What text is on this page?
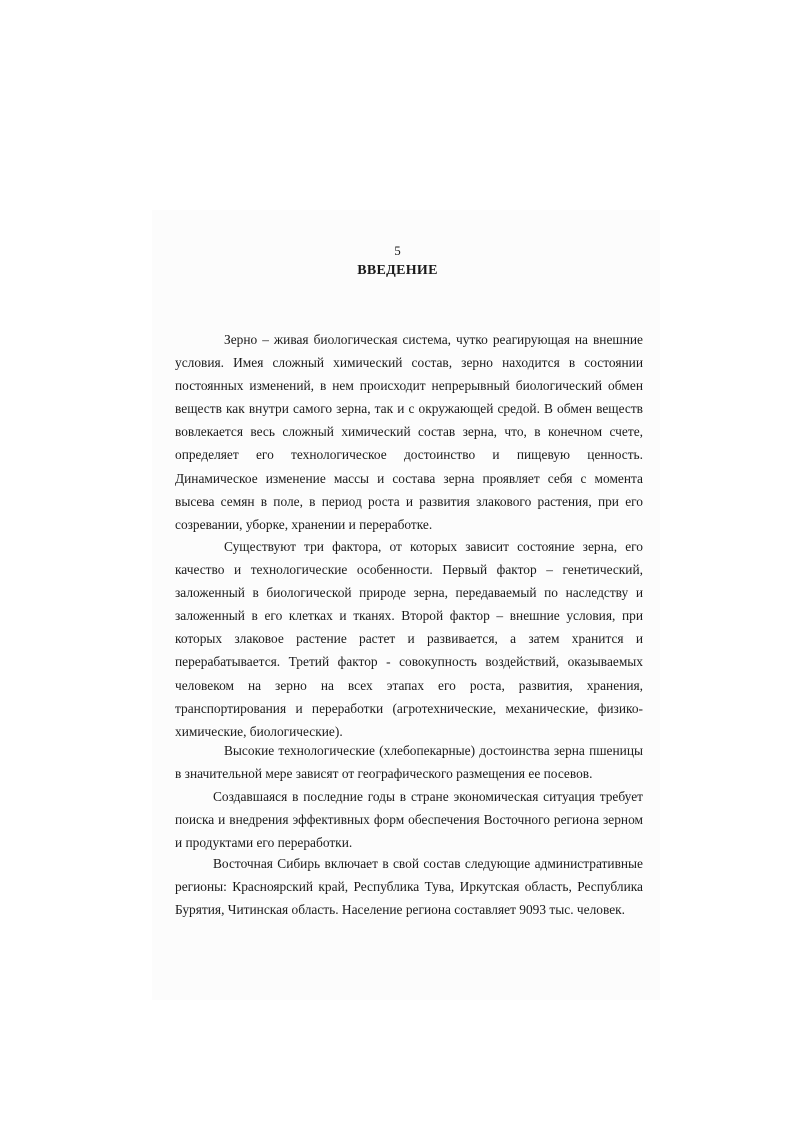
5
ВВЕДЕНИЕ

Зерно – живая биологическая система, чутко реагирующая на внешние условия. Имея сложный химический состав, зерно находится в состоянии постоянных изменений, в нем происходит непрерывный биологический обмен веществ как внутри самого зерна, так и с окружающей средой. В обмен веществ вовлекается весь сложный химический состав зерна, что, в конечном счете, определяет его технологическое достоинство и пищевую ценность. Динамическое изменение массы и состава зерна проявляет себя с момента высева семян в поле, в период роста и развития злакового растения, при его созревании, уборке, хранении и переработке.

Существуют три фактора, от которых зависит состояние зерна, его качество и технологические особенности. Первый фактор – генетический, заложенный в биологической природе зерна, передаваемый по наследству и заложенный в его клетках и тканях. Второй фактор – внешние условия, при которых злаковое растение растет и развивается, а затем хранится и перерабатывается. Третий фактор - совокупность воздействий, оказываемых человеком на зерно на всех этапах его роста, развития, хранения, транспортирования и переработки (агротехнические, механические, физико-химические, биологические).

Высокие технологические (хлебопекарные) достоинства зерна пшеницы в значительной мере зависят от географического размещения ее посевов.

Создавшаяся в последние годы в стране экономическая ситуация требует поиска и внедрения эффективных форм обеспечения Восточного региона зерном и продуктами его переработки.

Восточная Сибирь включает в свой состав следующие административные регионы: Красноярский край, Республика Тува, Иркутская область, Республика Бурятия, Читинская область. Население региона составляет 9093 тыс. человек.
